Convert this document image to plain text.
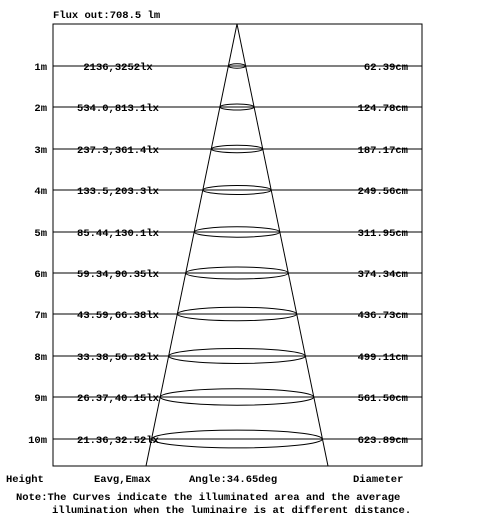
Flux out:708.5 lm
1m	2136,3252lx	62.39cm
2m	534.0,813.1lx	124.78cm
3m	237.3,361.4lx	187.17cm
4m	133.5,203.3lx	249.56cm
5m	85.44,130.1lx	311.95cm
6m	59.34,90.35lx	374.34cm
7m	43.59,66.38lx	436.73cm
8m	33.38,50.82lx	499.11cm
9m	26.37,40.15lx	561.50cm
10m	21.36,32.52lx	623.89cm
Height	Eavg,Emax	Angle:34.65deg	Diameter
Note:The Curves indicate the illuminated area and the average
illumination when the luminaire is at different distance.
